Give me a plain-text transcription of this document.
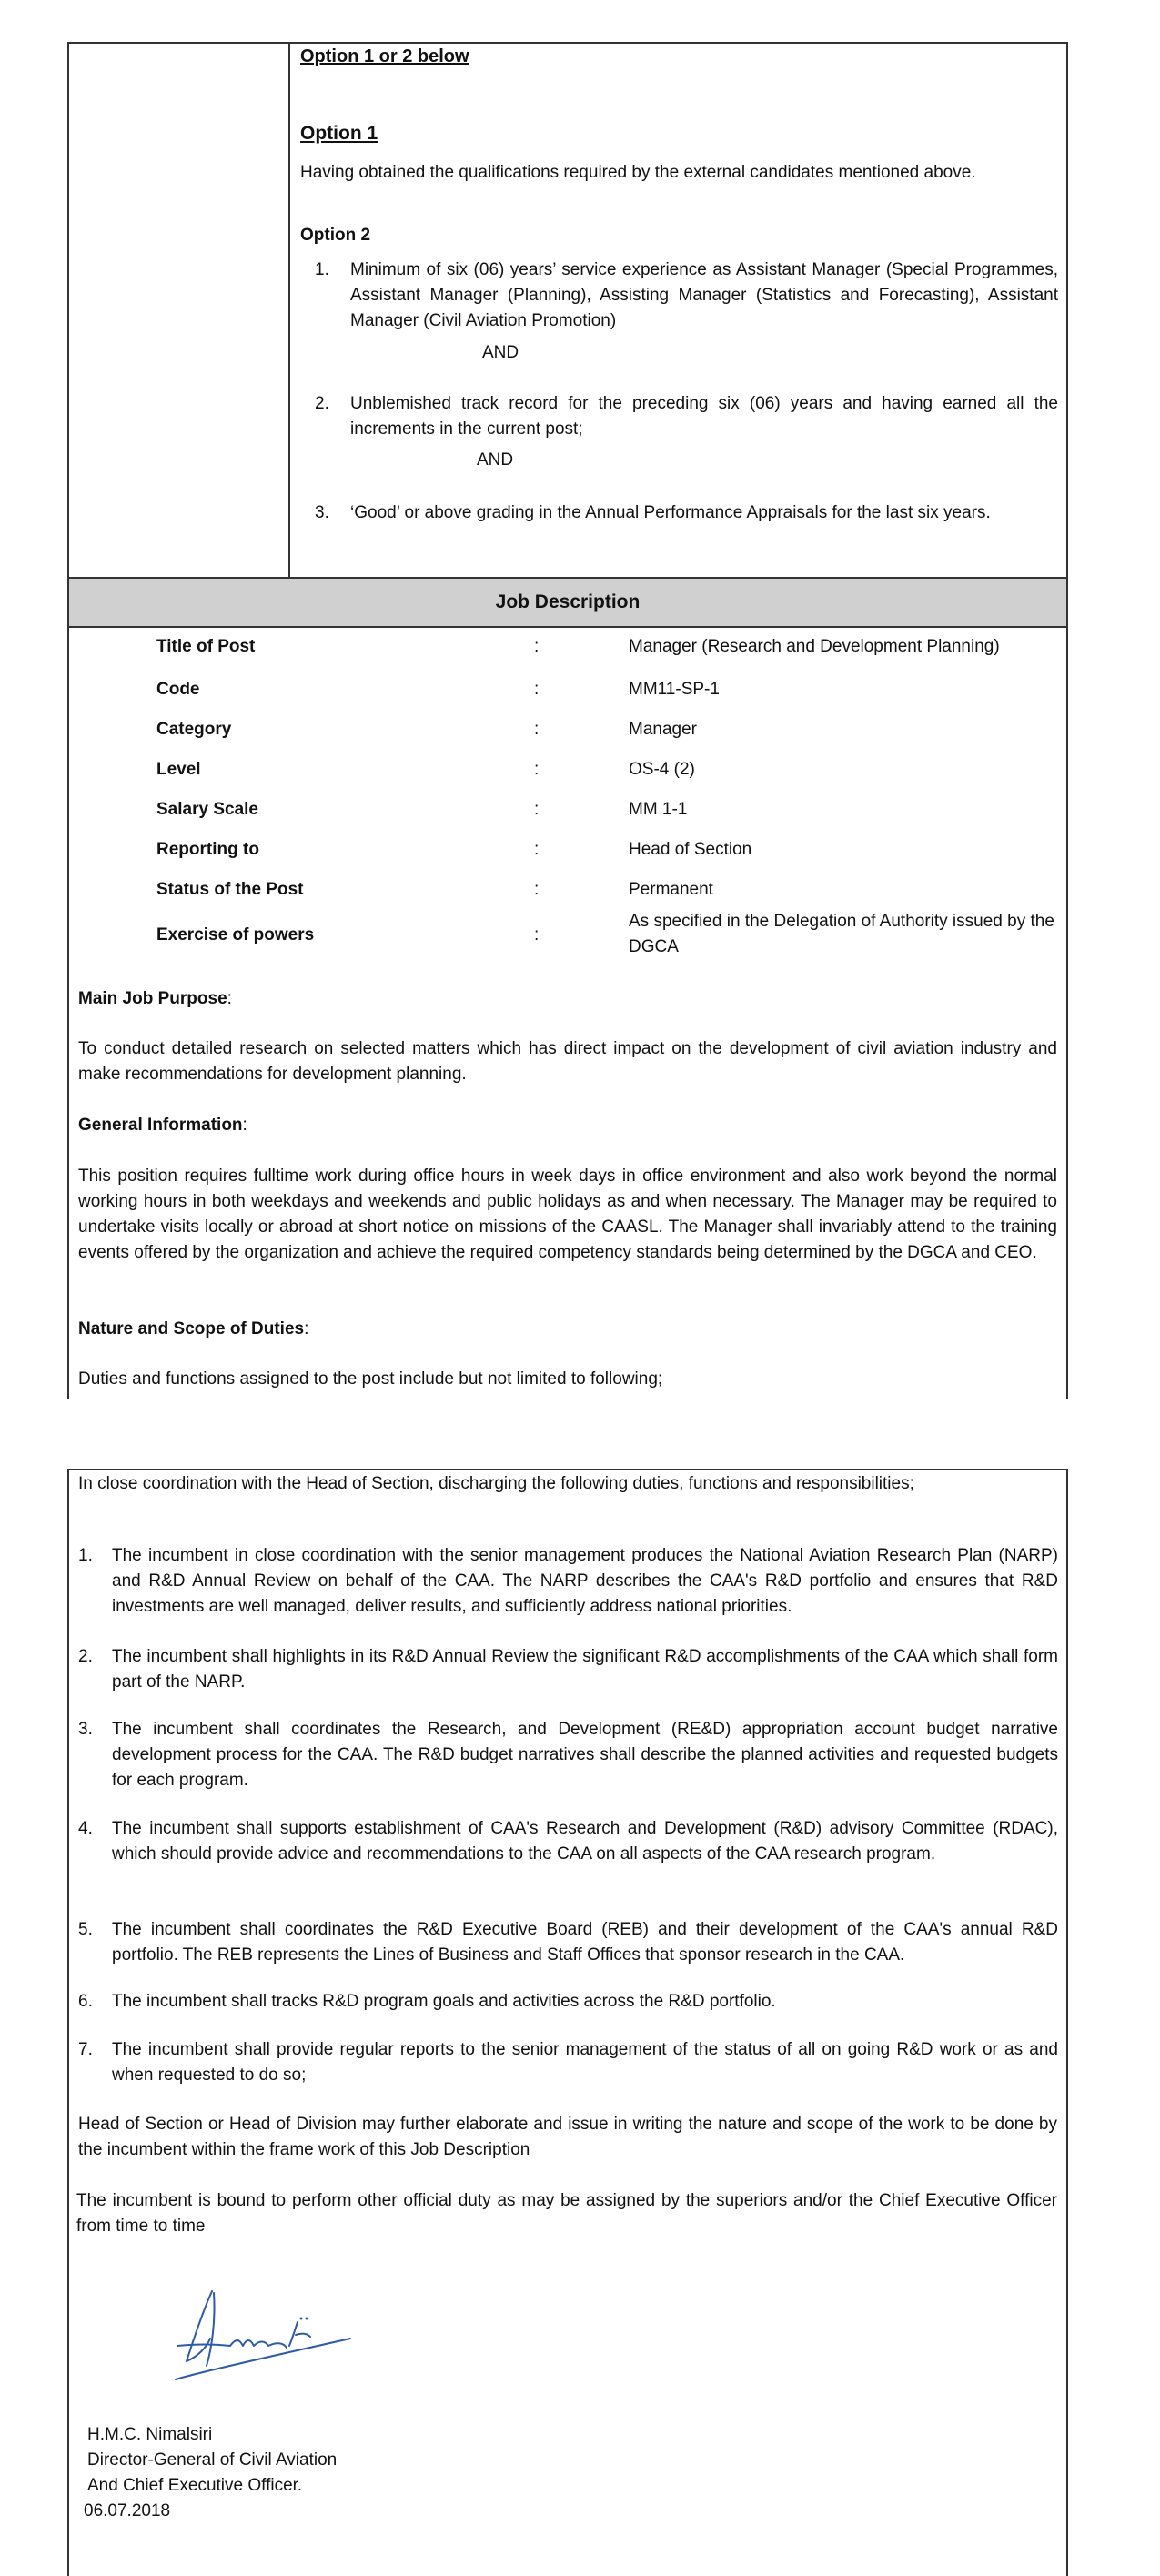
Option 1 or 2 below
Option 1
Having obtained the qualifications required by the external candidates mentioned above.
Option 2
1. Minimum of six (06) years’ service experience as Assistant Manager (Special Programmes, Assistant Manager (Planning), Assisting Manager (Statistics and Forecasting), Assistant Manager (Civil Aviation Promotion)
AND
2. Unblemished track record for the preceding six (06) years and having earned all the increments in the current post;
AND
3. ‘Good’ or above grading in the Annual Performance Appraisals for the last six years.
Job Description
Title of Post	:	Manager (Research and Development Planning)
Code	:	MM11-SP-1
Category	:	Manager
Level	:	OS-4 (2)
Salary Scale	:	MM 1-1
Reporting to	:	Head of Section
Status of the Post	:	Permanent
Exercise of powers	:
As specified in the Delegation of Authority issued by the DGCA
Main Job Purpose:
To conduct detailed research on selected matters which has direct impact on the development of civil aviation industry and make recommendations for development planning.
General Information:
This position requires fulltime work during office hours in week days in office environment and also work beyond the normal working hours in both weekdays and weekends and public holidays as and when necessary. The Manager may be required to undertake visits locally or abroad at short notice on missions of the CAASL. The Manager shall invariably attend to the training events offered by the organization and achieve the required competency standards being determined by the DGCA and CEO.
Nature and Scope of Duties:
Duties and functions assigned to the post include but not limited to following;
In close coordination with the Head of Section, discharging the following duties, functions and responsibilities;
1. The incumbent in close coordination with the senior management produces the National Aviation Research Plan (NARP) and R&D Annual Review on behalf of the CAA. The NARP describes the CAA's R&D portfolio and ensures that R&D investments are well managed, deliver results, and sufficiently address national priorities.
2. The incumbent shall highlights in its R&D Annual Review the significant R&D accomplishments of the CAA which shall form part of the NARP.
3. The incumbent shall coordinates the Research, and Development (RE&D) appropriation account budget narrative development process for the CAA. The R&D budget narratives shall describe the planned activities and requested budgets for each program.
4. The incumbent shall supports establishment of CAA's Research and Development (R&D) advisory Committee (RDAC), which should provide advice and recommendations to the CAA on all aspects of the CAA research program.
5. The incumbent shall coordinates the R&D Executive Board (REB) and their development of the CAA's annual R&D portfolio. The REB represents the Lines of Business and Staff Offices that sponsor research in the CAA.
6. The incumbent shall tracks R&D program goals and activities across the R&D portfolio.
7. The incumbent shall provide regular reports to the senior management of the status of all on going R&D work or as and when requested to do so;
Head of Section or Head of Division may further elaborate and issue in writing the nature and scope of the work to be done by the incumbent within the frame work of this Job Description
The incumbent is bound to perform other official duty as may be assigned by the superiors and/or the Chief Executive Officer from time to time
H.M.C. Nimalsiri
Director-General of Civil Aviation
And Chief Executive Officer.
06.07.2018
